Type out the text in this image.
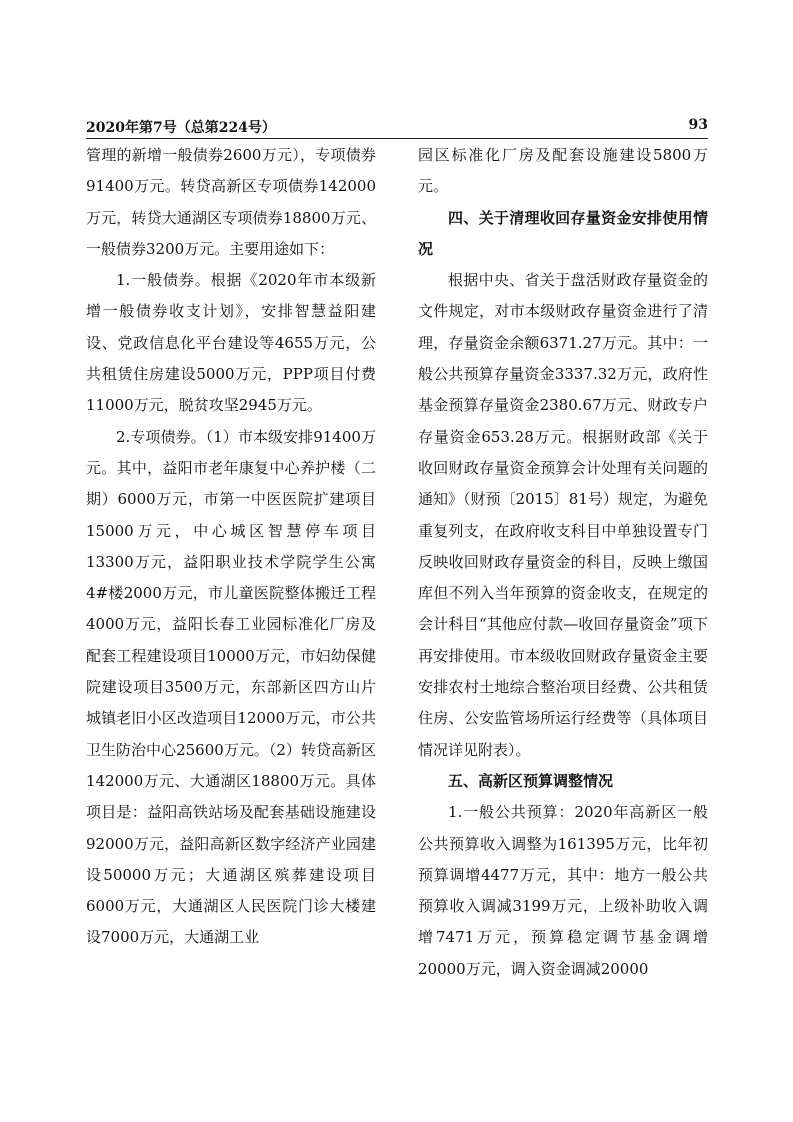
2020年第7号（总第224号）	93

管理的新增一般债券2600万元），专项债券91400万元。转贷高新区专项债券142000万元，转贷大通湖区专项债券18800万元、一般债券3200万元。主要用途如下：

1.一般债券。根据《2020年市本级新增一般债券收支计划》，安排智慧益阳建设、党政信息化平台建设等4655万元，公共租赁住房建设5000万元，PPP项目付费11000万元，脱贫攻坚2945万元。

2.专项债券。（1）市本级安排91400万元。其中，益阳市老年康复中心养护楼（二期）6000万元，市第一中医医院扩建项目15000万元，中心城区智慧停车项目13300万元，益阳职业技术学院学生公寓4#楼2000万元，市儿童医院整体搬迁工程4000万元，益阳长春工业园标准化厂房及配套工程建设项目10000万元，市妇幼保健院建设项目3500万元，东部新区四方山片城镇老旧小区改造项目12000万元，市公共卫生防治中心25600万元。（2）转贷高新区142000万元、大通湖区18800万元。具体项目是：益阳高铁站场及配套基础设施建设92000万元，益阳高新区数字经济产业园建设50000万元；大通湖区殡葬建设项目6000万元，大通湖区人民医院门诊大楼建设7000万元，大通湖工业

园区标准化厂房及配套设施建设5800万元。

四、关于清理收回存量资金安排使用情况

根据中央、省关于盘活财政存量资金的文件规定，对市本级财政存量资金进行了清理，存量资金余额6371.27万元。其中：一般公共预算存量资金3337.32万元，政府性基金预算存量资金2380.67万元、财政专户存量资金653.28万元。根据财政部《关于收回财政存量资金预算会计处理有关问题的通知》（财预〔2015〕81号）规定，为避免重复列支，在政府收支科目中单独设置专门反映收回财政存量资金的科目，反映上缴国库但不列入当年预算的资金收支，在规定的会计科目“其他应付款—收回存量资金”项下再安排使用。市本级收回财政存量资金主要安排农村土地综合整治项目经费、公共租赁住房、公安监管场所运行经费等（具体项目情况详见附表）。

五、高新区预算调整情况

1.一般公共预算：2020年高新区一般公共预算收入调整为161395万元，比年初预算调增4477万元，其中：地方一般公共预算收入调减3199万元，上级补助收入调增7471万元，预算稳定调节基金调增20000万元，调入资金调减20000
